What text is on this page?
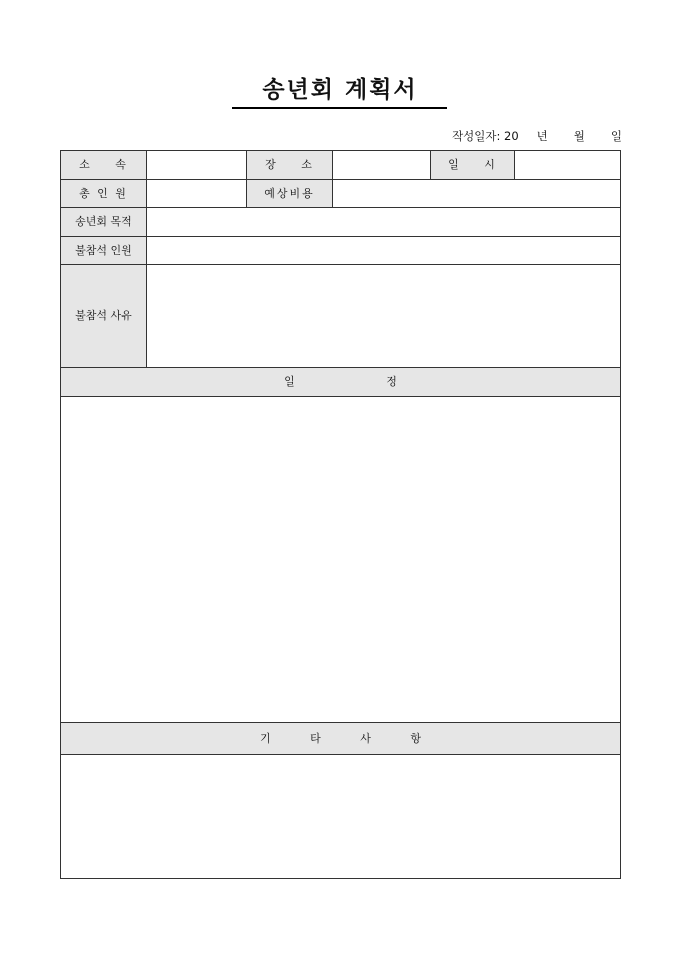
송년회 계획서
작성일자: 20 년 월 일
소 속		장 소		일 시	
총 인 원		예상비용			
송년회 목적					
불참석 인원					
불참석 사유					
일 정					

기 타 사 항					
